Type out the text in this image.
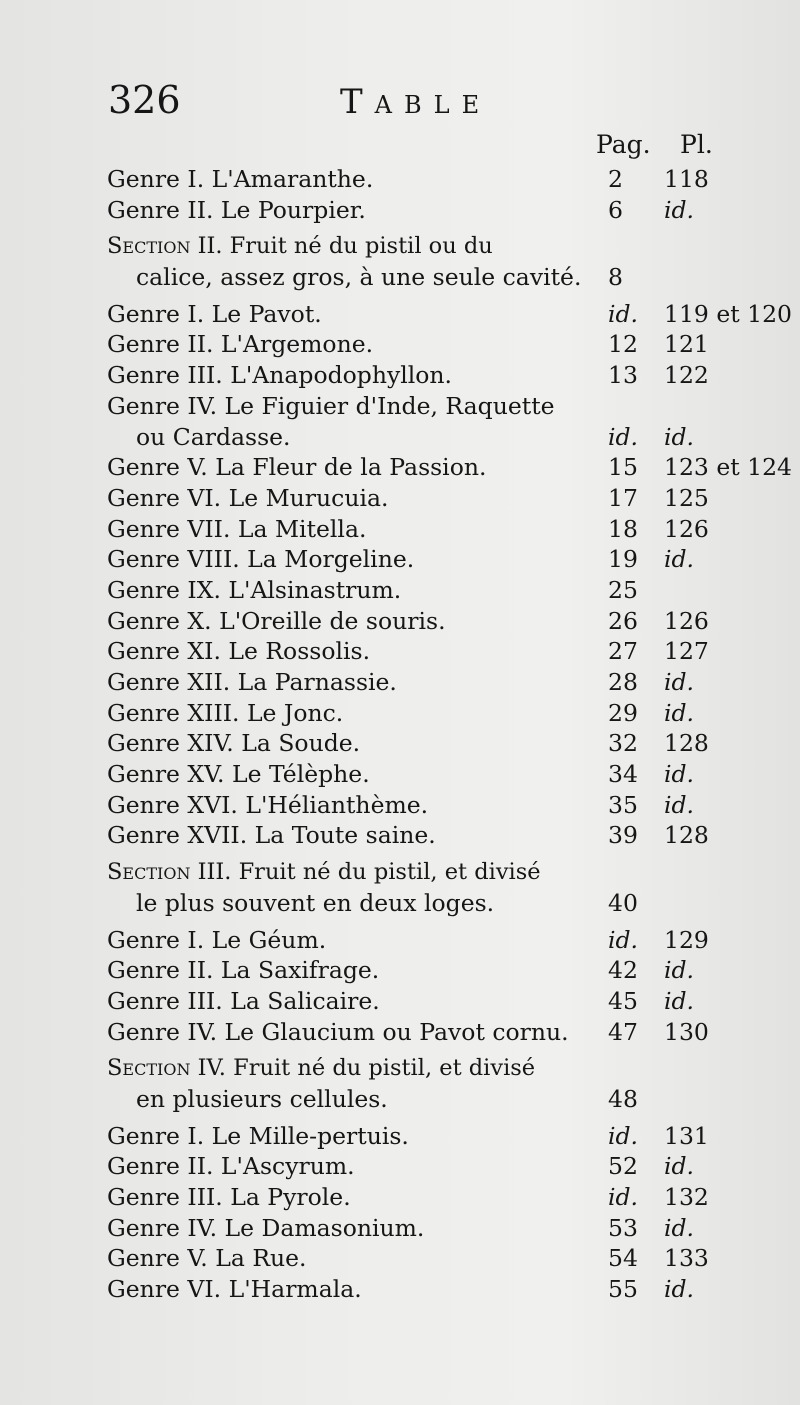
326	Table
Pag. Pl.
Genre I. L'Amaranthe.	2 118
Genre II. Le Pourpier.	6 id.
Section II. Fruit né du pistil ou du
calice, assez gros, à une seule cavité. 8
Genre I. Le Pavot.	id. 119 et 120
Genre II. L'Argemone.	12 121
Genre III. L'Anapodophyllon.	13 122
Genre IV. Le Figuier d'Inde, Raquette
ou Cardasse.	id. id.
Genre V. La Fleur de la Passion.	15 123 et 124
Genre VI. Le Murucuia.	17 125
Genre VII. La Mitella.	18 126
Genre VIII. La Morgeline.	19 id.
Genre IX. L'Alsinastrum.	25
Genre X. L'Oreille de souris.	26 126
Genre XI. Le Rossolis.	27 127
Genre XII. La Parnassie.	28 id.
Genre XIII. Le Jonc.	29 id.
Genre XIV. La Soude.	32 128
Genre XV. Le Télèphe.	34 id.
Genre XVI. L'Hélianthème.	35 id.
Genre XVII. La Toute saine.	39 128
Section III. Fruit né du pistil, et divisé
le plus souvent en deux loges.	40
Genre I. Le Géum.	id. 129
Genre II. La Saxifrage.	42 id.
Genre III. La Salicaire.	45 id.
Genre IV. Le Glaucium ou Pavot cornu. 47 130
Section IV. Fruit né du pistil, et divisé
en plusieurs cellules.	48
Genre I. Le Mille-pertuis.	id. 131
Genre II. L'Ascyrum.	52 id.
Genre III. La Pyrole.	id. 132
Genre IV. Le Damasonium.	53 id.
Genre V. La Rue.	54 133
Genre VI. L'Harmala.	55 id.
